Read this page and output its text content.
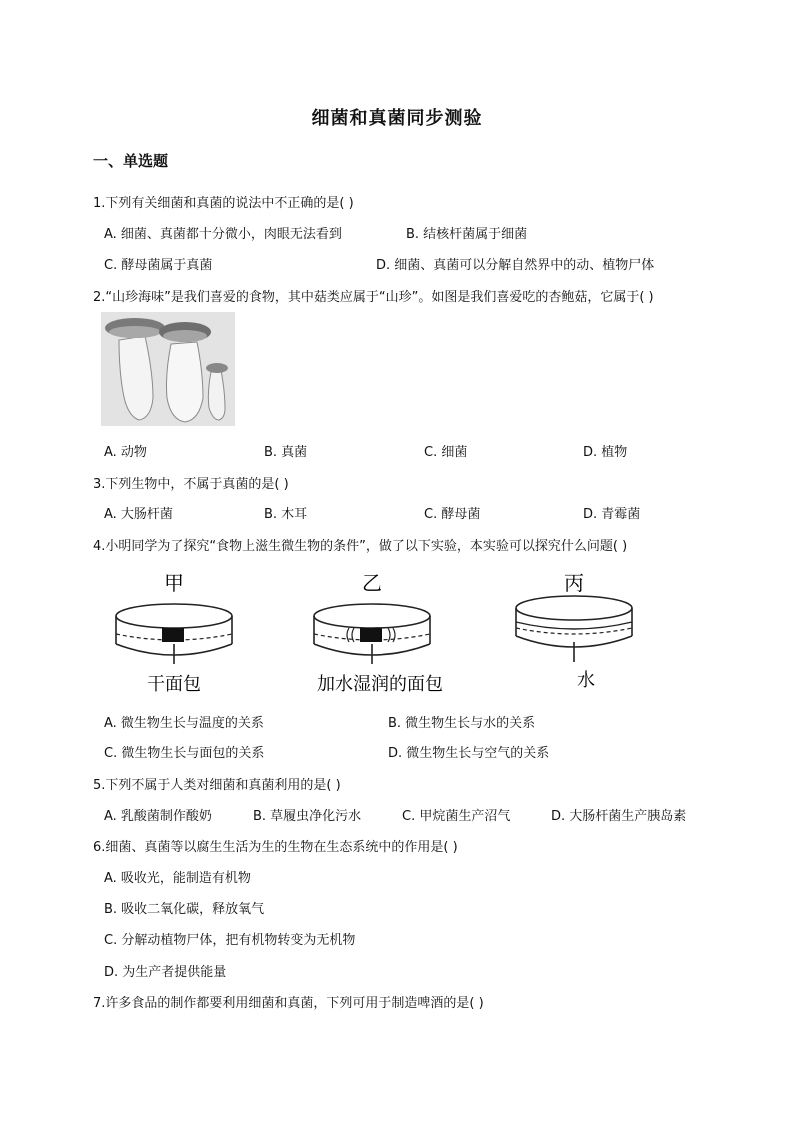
细菌和真菌同步测验
一、单选题
1.下列有关细菌和真菌的说法中不正确的是( )
A. 细菌、真菌都十分微小，肉眼无法看到	B. 结核杆菌属于细菌
C. 酵母菌属于真菌	D. 细菌、真菌可以分解自然界中的动、植物尸体
2.“山珍海味”是我们喜爱的食物，其中菇类应属于“山珍”。如图是我们喜爱吃的杏鲍菇，它属于( )
A. 动物	B. 真菌	C. 细菌	D. 植物
3.下列生物中，不属于真菌的是( )
A. 大肠杆菌	B. 木耳	C. 酵母菌	D. 青霉菌
4.小明同学为了探究“食物上滋生微生物的条件”，做了以下实验，本实验可以探究什么问题( )
甲
干面包
乙
加水湿润的面包
丙
水
A. 微生物生长与温度的关系	B. 微生物生长与水的关系
C. 微生物生长与面包的关系	D. 微生物生长与空气的关系
5.下列不属于人类对细菌和真菌利用的是( )
A. 乳酸菌制作酸奶	B. 草履虫净化污水	C. 甲烷菌生产沼气	D. 大肠杆菌生产胰岛素
6.细菌、真菌等以腐生生活为生的生物在生态系统中的作用是( )
A. 吸收光，能制造有机物
B. 吸收二氧化碳，释放氧气
C. 分解动植物尸体，把有机物转变为无机物
D. 为生产者提供能量
7.许多食品的制作都要利用细菌和真菌，下列可用于制造啤酒的是( )
